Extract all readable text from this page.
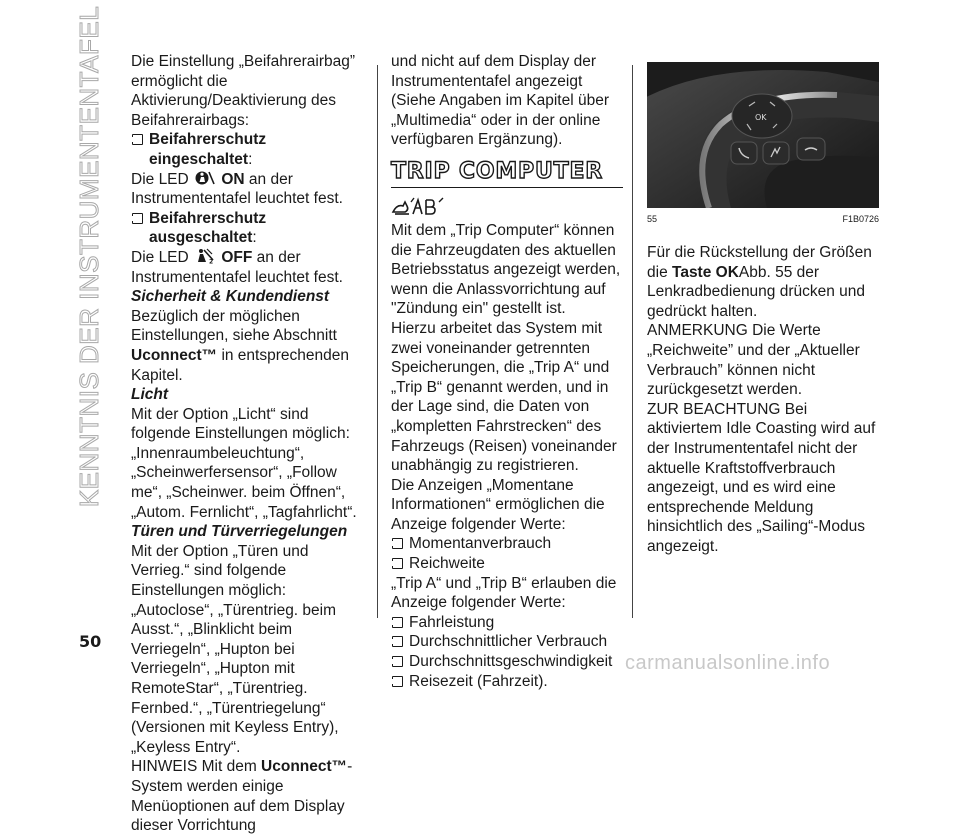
KENNTNIS DER INSTRUMENTENTAFEL Die Einstellung „Beifahrerairbag” ermöglicht die Aktivierung/Deaktivierung des Beifahrerairbags:

Beifahrerschutz eingeschaltet:

Die LED ON an der Instrumententafel leuchtet fest.

Beifahrerschutz ausgeschaltet:

Die LED	2 OFF an der Instrumententafel leuchtet fest.

Sicherheit & Kundendienst

Bezüglich der möglichen Einstellungen, siehe Abschnitt Uconnect™ in entsprechenden Kapitel.

Licht

Mit der Option „Licht“ sind folgende Einstellungen möglich: „Innenraumbeleuchtung“, „Scheinwerfersensor“, „Follow me“, „Scheinwer. beim Öffnen“, „Autom. Fernlicht“, „Tagfahrlicht“.

Türen und Türverriegelungen

Mit der Option „Türen und Verrieg.“ sind folgende Einstellungen möglich: „Autoclose“, „Türentrieg. beim Ausst.“, „Blinklicht beim Verriegeln“, „Hupton bei Verriegeln“, „Hupton mit RemoteStar“, „Türentrieg. Fernbed.“, „Türentriegelung“ (Versionen mit Keyless Entry), „Keyless Entry“.

HINWEIS Mit dem Uconnect™-System werden einige Menüoptionen auf dem Display dieser Vorrichtung

und nicht auf dem Display der Instrumententafel angezeigt (Siehe Angaben im Kapitel über „Multimedia“ oder in der online verfügbaren Ergänzung).

TRIP COMPUTER

Mit dem „Trip Computer“ können die Fahrzeugdaten des aktuellen Betriebsstatus angezeigt werden, wenn die Anlassvorrichtung auf "Zündung ein" gestellt ist.

Hierzu arbeitet das System mit zwei voneinander getrennten Speicherungen, die „Trip A“ und „Trip B“ genannt werden, und in der Lage sind, die Daten von „kompletten Fahrstrecken“ des Fahrzeugs (Reisen) voneinander unabhängig zu registrieren.

Die Anzeigen „Momentane Informationen“ ermöglichen die Anzeige folgender Werte:

Momentanverbrauch
Reichweite

„Trip A“ und „Trip B“ erlauben die Anzeige folgender Werte:

Fahrleistung
Durchschnittlicher Verbrauch
Durchschnittsgeschwindigkeit
Reisezeit (Fahrzeit).
OK
55	F1B0726

Für die Rückstellung der Größen die Taste OKAbb. 55 der Lenkradbedienung drücken und gedrückt halten.

ANMERKUNG Die Werte „Reichweite” und der „Aktueller Verbrauch” können nicht zurückgesetzt werden.

ZUR BEACHTUNG Bei aktiviertem Idle Coasting wird auf der Instrumententafel nicht der aktuelle Kraftstoffverbrauch angezeigt, und es wird eine entsprechende Meldung hinsichtlich des „Sailing“-Modus angezeigt.

50
carmanualsonline.info
